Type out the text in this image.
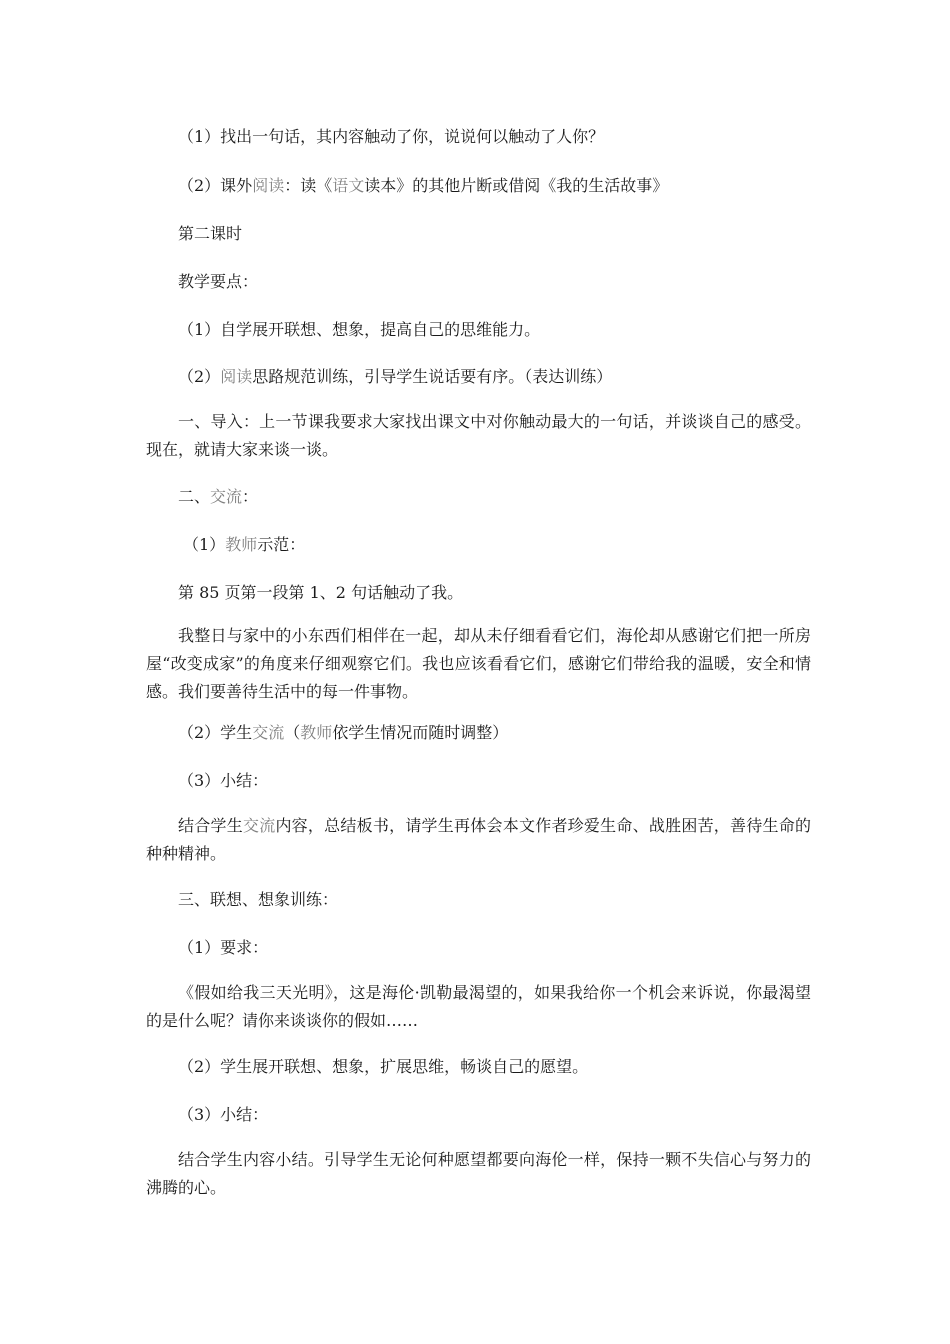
（1）找出一句话，其内容触动了你，说说何以触动了人你？
（2）课外阅读：读《语文读本》的其他片断或借阅《我的生活故事》
第二课时
教学要点：
（1）自学展开联想、想象，提高自己的思维能力。
（2）阅读思路规范训练，引导学生说话要有序。（表达训练）
一、导入：上一节课我要求大家找出课文中对你触动最大的一句话，并谈谈自己的感受。现在，就请大家来谈一谈。
二、交流：
（1）教师示范：
第 85 页第一段第 1、2 句话触动了我。
我整日与家中的小东西们相伴在一起，却从未仔细看看它们，海伦却从感谢它们把一所房屋“改变成家”的角度来仔细观察它们。我也应该看看它们，感谢它们带给我的温暖，安全和情感。我们要善待生活中的每一件事物。
（2）学生交流（教师依学生情况而随时调整）
（3）小结：
结合学生交流内容，总结板书，请学生再体会本文作者珍爱生命、战胜困苦，善待生命的种种精神。
三、联想、想象训练：
（1）要求：
《假如给我三天光明》，这是海伦·凯勒最渴望的，如果我给你一个机会来诉说，你最渴望的是什么呢？请你来谈谈你的假如……
（2）学生展开联想、想象，扩展思维，畅谈自己的愿望。
（3）小结：
结合学生内容小结。引导学生无论何种愿望都要向海伦一样，保持一颗不失信心与努力的沸腾的心。
